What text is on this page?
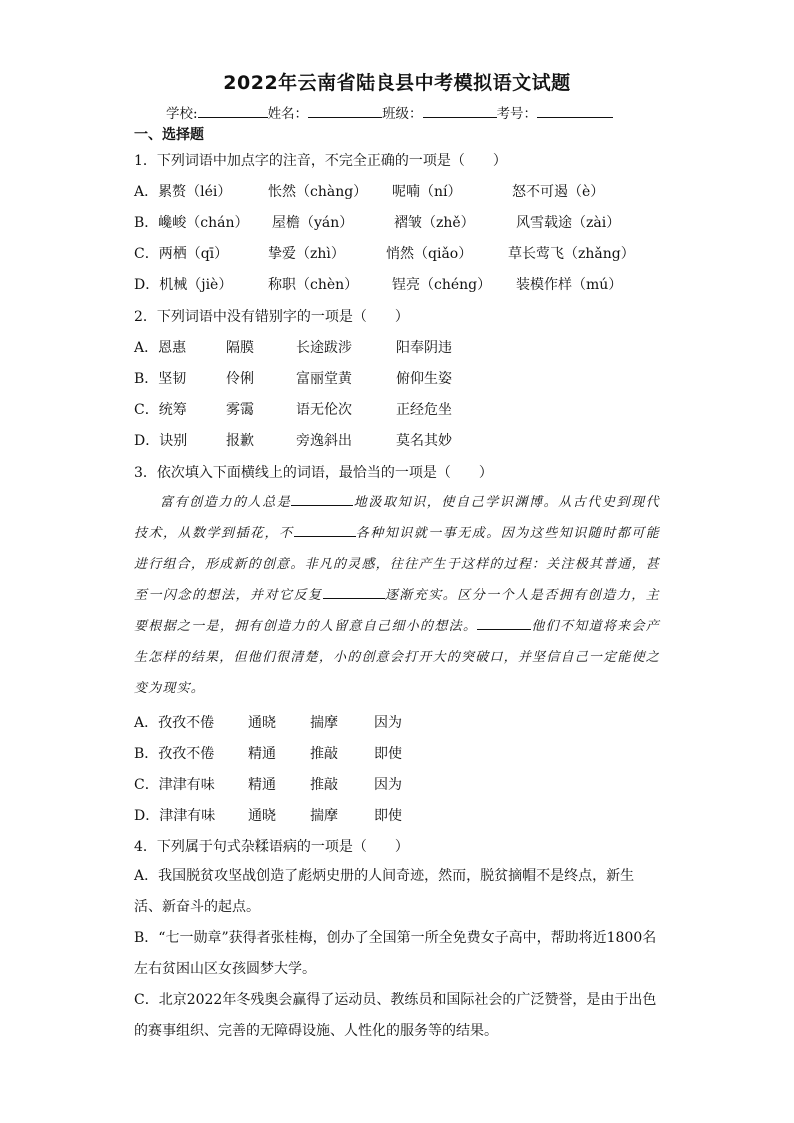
2022年云南省陆良县中考模拟语文试题
学校:	姓名：	班级：	考号：
一、选择题
1．下列词语中加点字的注音，不完全正确的一项是（　　）
A．累赘（léi）	怅然（chàng） 呢喃（ní）	怒不可遏（è）
B．巉峻（chán） 屋檐（yán）	褶皱（zhě）	风雪载途（zài）
C．两栖（qī）	挚爱（zhì）	悄然（qiǎo）	草长莺飞（zhǎng）
D．机械（jiè）	称职（chèn） 锃亮（chéng） 装模作样（mú）
2．下列词语中没有错别字的一项是（　　）
A．恩惠	隔膜	长途跋涉	阳奉阴违
B．坚韧	伶俐	富丽堂黄	俯仰生姿
C．统筹	雾霭	语无伦次	正经危坐
D．诀别	报歉	旁逸斜出	莫名其妙
3．依次填入下面横线上的词语，最恰当的一项是（　　）
富有创造力的人总是	地汲取知识，使自己学识渊博。从古代史到现代技术，从数学到插花，不	各种知识就一事无成。因为这些知识随时都可能进行组合，形成新的创意。非凡的灵感，往往产生于这样的过程：关注极其普通，甚至一闪念的想法，并对它反复	逐渐充实。区分一个人是否拥有创造力，主要根据之一是，拥有创造力的人留意自己细小的想法。	他们不知道将来会产生怎样的结果，但他们很清楚，小的创意会打开大的突破口，并坚信自己一定能使之变为现实。
A．孜孜不倦 通晓 揣摩	因为
B．孜孜不倦 精通 推敲	即使
C．津津有味 精通 推敲	因为
D．津津有味 通晓 揣摩	即使
4．下列属于句式杂糅语病的一项是（　　）
A．我国脱贫攻坚战创造了彪炳史册的人间奇迹，然而，脱贫摘帽不是终点，新生活、新奋斗的起点。
B．“七一勋章”获得者张桂梅，创办了全国第一所全免费女子高中，帮助将近1800名左右贫困山区女孩圆梦大学。
C．北京2022年冬残奥会赢得了运动员、教练员和国际社会的广泛赞誉，是由于出色的赛事组织、完善的无障碍设施、人性化的服务等的结果。
